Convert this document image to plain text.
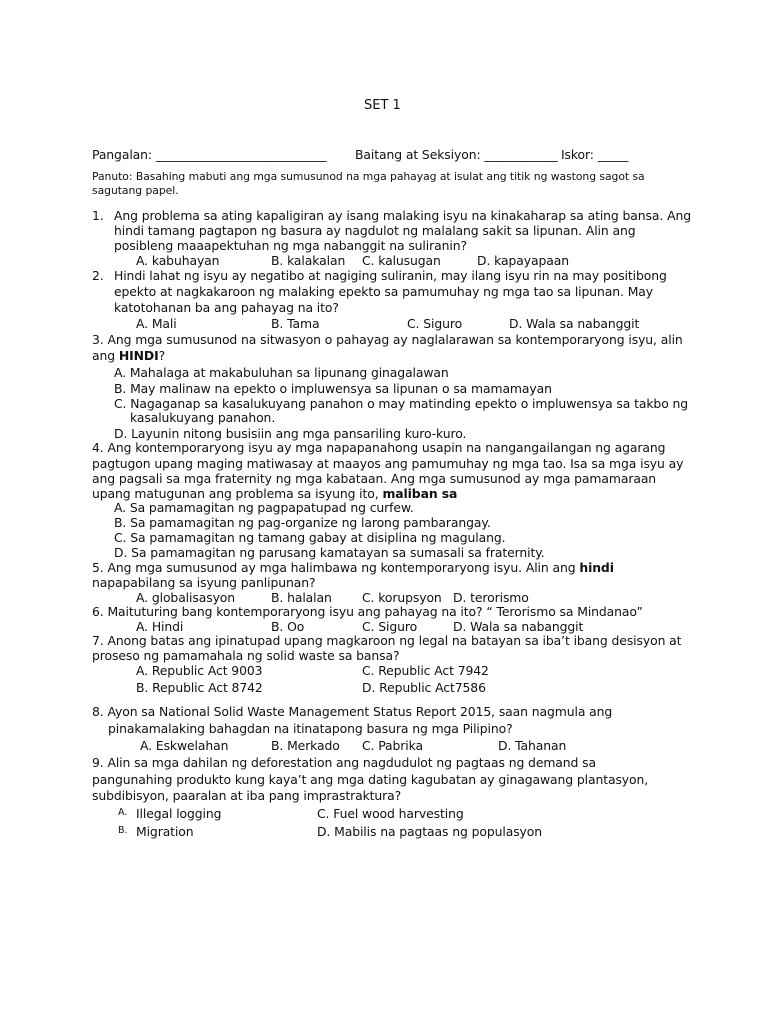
SET 1
Pangalan: ____________________________ Baitang at Seksiyon: ____________ Iskor: _____
Panuto: Basahing mabuti ang mga sumusunod na mga pahayag at isulat ang titik ng wastong sagot sa
sagutang papel.
1. Ang problema sa ating kapaligiran ay isang malaking isyu na kinakaharap sa ating bansa. Ang
hindi tamang pagtapon ng basura ay nagdulot ng malalang sakit sa lipunan. Alin ang
posibleng maaapektuhan ng mga nabanggit na suliranin?
A. kabuhayan	B. kalakalan C. kalusugan	D. kapayapaan
2. Hindi lahat ng isyu ay negatibo at nagiging suliranin, may ilang isyu rin na may positibong
epekto at nagkakaroon ng malaking epekto sa pamumuhay ng mga tao sa lipunan. May
katotohanan ba ang pahayag na ito?
A. Mali	B. Tama	C. Siguro	D. Wala sa nabanggit
3. Ang mga sumusunod na sitwasyon o pahayag ay naglalarawan sa kontemporaryong isyu, alin
ang HINDI?
A. Mahalaga at makabuluhan sa lipunang ginagalawan
B. May malinaw na epekto o impluwensya sa lipunan o sa mamamayan
C. Nagaganap sa kasalukuyang panahon o may matinding epekto o impluwensya sa takbo ng
kasalukuyang panahon.
D. Layunin nitong busisiin ang mga pansariling kuro-kuro.
4. Ang kontemporaryong isyu ay mga napapanahong usapin na nangangailangan ng agarang
pagtugon upang maging matiwasay at maayos ang pamumuhay ng mga tao. Isa sa mga isyu ay
ang pagsali sa mga fraternity ng mga kabataan. Ang mga sumusunod ay mga pamamaraan
upang matugunan ang problema sa isyung ito, maliban sa
A. Sa pamamagitan ng pagpapatupad ng curfew.
B. Sa pamamagitan ng pag-organize ng larong pambarangay.
C. Sa pamamagitan ng tamang gabay at disiplina ng magulang.
D. Sa pamamagitan ng parusang kamatayan sa sumasali sa fraternity.
5. Ang mga sumusunod ay mga halimbawa ng kontemporaryong isyu. Alin ang hindi
napapabilang sa isyung panlipunan?
A. globalisasyon	B. halalan C. korupsyon D. terorismo
6. Maituturing bang kontemporaryong isyu ang pahayag na ito? “ Terorismo sa Mindanao”
A. Hindi	B. Oo	C. Siguro	D. Wala sa nabanggit
7. Anong batas ang ipinatupad upang magkaroon ng legal na batayan sa iba’t ibang desisyon at
proseso ng pamamahala ng solid waste sa bansa?
A. Republic Act 9003	C. Republic Act 7942
B. Republic Act 8742	D. Republic Act7586
8. Ayon sa National Solid Waste Management Status Report 2015, saan nagmula ang
pinakamalaking bahagdan na itinatapong basura ng mga Pilipino?
A. Eskwelahan	B. Merkado C. Pabrika	D. Tahanan
9. Alin sa mga dahilan ng deforestation ang nagdudulot ng pagtaas ng demand sa
pangunahing produkto kung kaya’t ang mga dating kagubatan ay ginagawang plantasyon,
subdibisyon, paaralan at iba pang imprastraktura?
A. Illegal logging	C. Fuel wood harvesting
B. Migration	D. Mabilis na pagtaas ng populasyon
